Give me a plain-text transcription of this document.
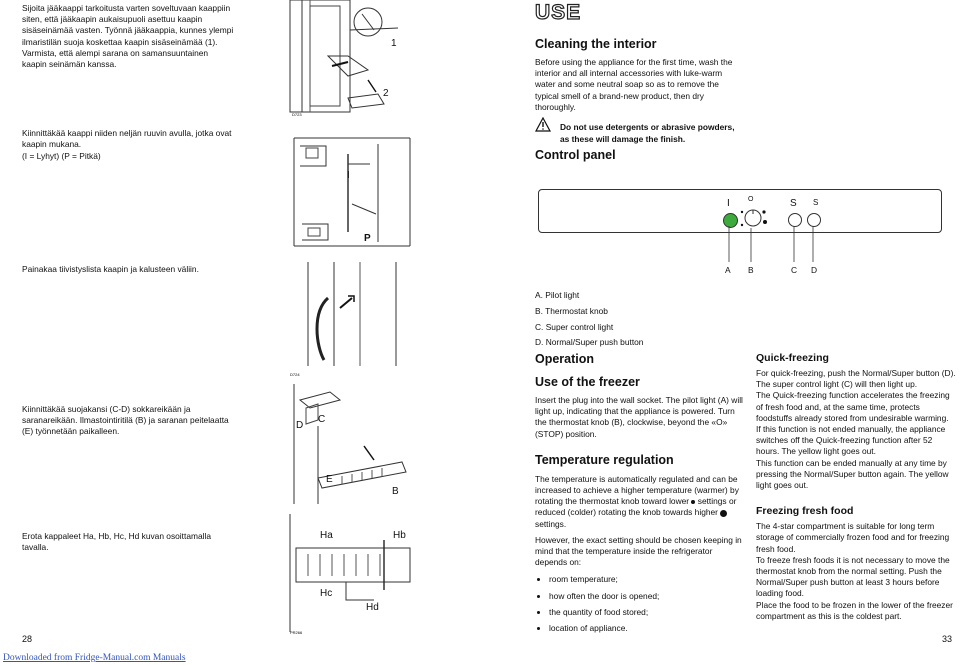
Sijoita jääkaappi tarkoitusta varten soveltuvaan kaappiin siten, että jääkaapin aukaisupuoli asettuu kaapin sisäseinämää vasten. Työnnä jääkaappia, kunnes ylempi ilmaristilän suoja koskettaa kaapin sisäseinämää (1). Varmista, että alempi sarana on samansuuntainen kaapin seinämän kanssa.

Kiinnittäkää kaappi niiden neljän ruuvin avulla, jotka ovat kaapin mukana.

(I = Lyhyt) (P = Pitkä)

Painakaa tiivistyslista kaapin ja kalusteen väliin.

Kiinnittäkää suojakansi (C-D) sokkareikään ja saranareikään. Ilmastointiritilä (B) ja saranan peitelaatta (E) työnnetään paikalleen.

Erota kappaleet Ha, Hb, Hc, Hd kuvan osoittamalla tavalla.

D723
1
2
I
P
D724
D
C
E
B
PR266
Ha	Hb
Hc
Hd
28
Downloaded from Fridge-Manual.com Manuals
USE
Cleaning the interior

Before using the appliance for the first time, wash the interior and all internal accessories with luke-warm water and some neutral soap so as to remove the typical smell of a brand-new product, then dry thoroughly.

Do not use detergents or abrasive powders, as these will damage the finish.

Control panel
I	O	S S
A B	C D
A. Pilot light
B. Thermostat knob
C. Super control light
D. Normal/Super push button
Operation
Use of the freezer

Insert the plug into the wall socket. The pilot light (A) will light up, indicating that the appliance is powered. Turn the thermostat knob (B), clockwise, beyond the «O» (STOP) position.

Temperature regulation

The temperature is automatically regulated and can be increased to achieve a higher temperature (warmer) by rotating the thermostat knob toward lower settings or reduced (colder) rotating the knob towards higher  settings.

However, the exact setting should be chosen keeping in mind that the temperature inside the refrigerator depends on:

• room temperature;
• how often the door is opened;
• the quantity of food stored;
• location of appliance.
Quick-freezing

For quick-freezing, push the Normal/Super button (D). The super control light (C) will then light up.

The Quick-freezing function accelerates the freezing of fresh food and, at the same time, protects foodstuffs already stored from undesirable warming.

If this function is not ended manually, the appliance switches off the Quick-freezing function after 52 hours. The yellow light goes out.

This function can be ended manually at any time by pressing the Normal/Super button again. The yellow light goes out.

Freezing fresh food

The 4-star compartment is suitable for long term storage of commercially frozen food and for freezing fresh food.

To freeze fresh foods it is not necessary to move the thermostat knob from the normal setting. Push the Normal/Super push button at least 3 hours before loading food.

Place the food to be frozen in the lower of the freezer compartment as this is the coldest part.

33
